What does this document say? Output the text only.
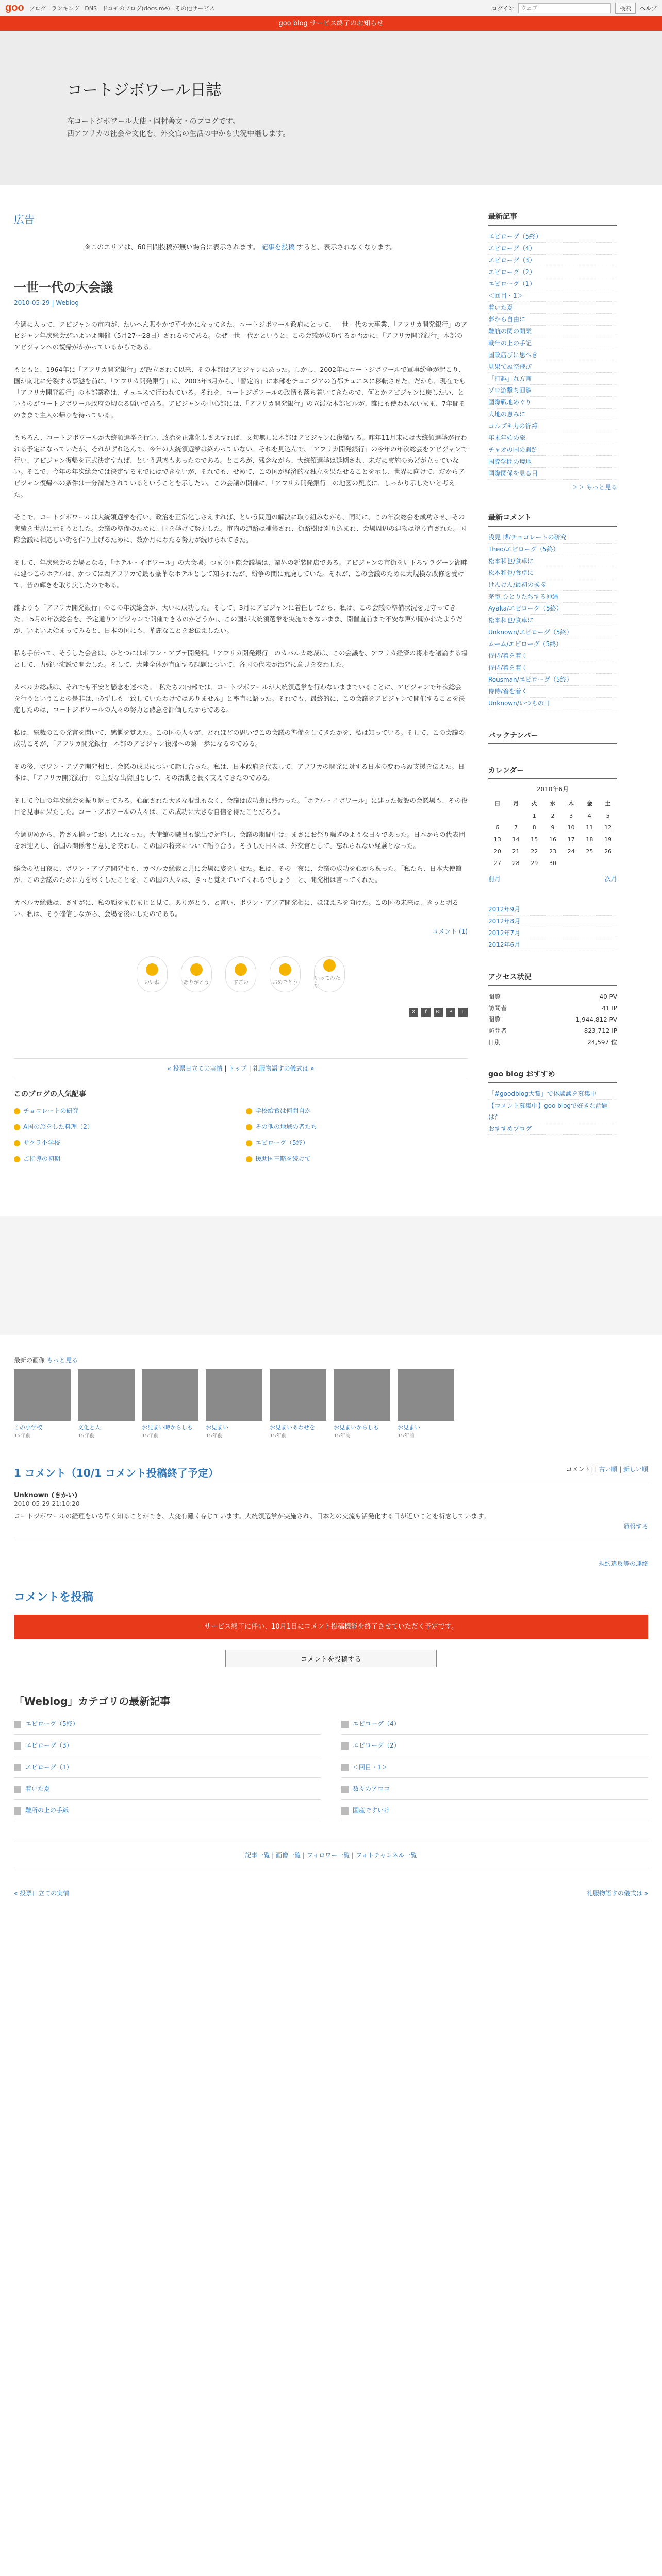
goo ブログ ランキング DNS ドコモのブログ(docs.me) その他サービス	ログイン
ウェブ	検索	ヘルプ
goo blog サービス終了のお知らせ
コートジボワール日誌

在コートジボワール大使・岡村善文・のブログです。

西アフリカの社会や文化を、外交官の生活の中から実況中継します。

広告
※このエリアは、60日間投稿が無い場合に表示されます。 記事を投稿 すると、表示されなくなります。
一世一代の大会議
2010-05-29 | Weblog

今週に入って、アビジャンの市内が、たいへん賑やかで華やかになってきた。コートジボワール政府にとって、一世一代の大事業、「アフリカ開発銀行」のアビジャン年次総会がいよいよ開催（5月27〜28日）されるのである。なぜ一世一代かというと、この会議が成功するか否かに、「アフリカ開発銀行」本部のアビジャンへの復帰がかかっているからである。

もともと、1964年に「アフリカ開発銀行」が設立されて以来、その本部はアビジャンにあった。しかし、2002年にコートジボワールで軍事紛争が起こり、国が南北に分裂する事態を前に、「アフリカ開発銀行」は、2003年3月から、「暫定的」に本部をチュニジアの首都チュニスに移転させた。だから、現在でも「アフリカ開発銀行」の本部業務は、チュニスで行われている。それを、コートジボワールの政情も落ち着いてきたので、何とかアビジャンに戻したい、というのがコートジボワール政府の切なる願いである。アビジャンの中心部には、「アフリカ開発銀行」の立派な本部ビルが、誰にも使われないまま、7年間そのままで主人の帰りを待っている。

もちろん、コートジボワールが大統領選挙を行い、政治を正常化しさえすれば、文句無しに本部はアビジャンに復帰する。昨年11月末には大統領選挙が行われる予定になっていたが、それがずれ込んで、今年の大統領選挙は終わっていない。それを見込んで、「アフリカ開発銀行」の今年の年次総会をアビジャンで行い、アビジャン復帰を正式決定すれば、という思惑もあったのである。ところが、残念ながら、大統領選挙は延期され、未だに実施のめどが立っていない。そこで、今年の年次総会では決定するまでにはできないが、それでも、せめて、この国が経済的な独立を果たせることを示し、世界に向けて、だからアビジャン復帰への条件は十分満たされているということを示したい。この会議の開催に、「アフリカ開発銀行」の地図の奥底に、しっかり示したいと考えた。

そこで、コートジボワールは大統領選挙を行い、政治を正常化しさえすれば、という問題の解決に取り組みながら、同時に、この年次総会を成功させ、その実績を世界に示そうとした。会議の準備のために、国を挙げて努力した。市内の道路は補修され、街路樹は刈り込まれ、会場周辺の建物は塗り直された。国際会議に相応しい街を作り上げるために、数か月にわたる努力が続けられてきた。

そして、年次総会の会場となる、「ホテル・イボワール」の大会場。つまり国際会議場は、業界の新装開店である。アビジャンの市街を見下ろすラグーン湖畔に建つこのホテルは、かつては西アフリカで最も豪華なホテルとして知られたが、紛争の間に荒廃していた。それが、この会議のために大規模な改修を受けて、昔の輝きを取り戻したのである。

誰よりも「アフリカ開発銀行」のこの年次総会が、大いに成功した。そして、3月にアビジャンに着任してから、私は、この会議の準備状況を見守ってきた。「5月の年次総会を、予定通りアビジャンで開催できるのかどうか」、この国が大統領選挙を実施できないまま、開催直前まで不安な声が聞かれたようだが、いよいよ始まってみると、日本の国にも、華麗なことをお伝えしたい。

私も手伝って、そうした会合は、ひとつにはボワン・アブデ開発相。「アフリカ開発銀行」のカバルカ総裁は、この会議を、アフリカ経済の将来を議論する場として、力強い演説で開会した。そして、大陸全体が直面する課題について、各国の代表が活発に意見を交わした。

カベルカ総裁は、それでも不安と懸念を述べた。「私たちの内部では、コートジボワールが大統領選挙を行わないままでいることに、アビジャンで年次総会を行うということの是非は、必ずしも一致していたわけではありません」と率直に語った。それでも、最終的に、この会議をアビジャンで開催することを決定したのは、コートジボワールの人々の努力と熱意を評価したからである。

私は、総裁のこの発言を聞いて、感慨を覚えた。この国の人々が、どれほどの思いでこの会議の準備をしてきたかを、私は知っている。そして、この会議の成功こそが、「アフリカ開発銀行」本部のアビジャン復帰への第一歩になるのである。

その後、ボワン・アブデ開発相と、会議の成果について話し合った。私は、日本政府を代表して、アフリカの開発に対する日本の変わらぬ支援を伝えた。日本は、「アフリカ開発銀行」の主要な出資国として、その活動を長く支えてきたのである。

そして今回の年次総会を振り返ってみる。心配された大きな混乱もなく、会議は成功裏に終わった。「ホテル・イボワール」に建った仮設の会議場も、その役目を見事に果たした。コートジボワールの人々は、この成功に大きな自信を得たことだろう。

今週初めから、皆さん揃ってお見えになった。大使館の職員も総出で対応し、会議の期間中は、まさにお祭り騒ぎのような日々であった。日本からの代表団をお迎えし、各国の関係者と意見を交わし、この国の将来について語り合う。そうした日々は、外交官として、忘れられない経験となった。

総会の初日夜に、ボワン・アブデ開発相も、カベルカ総裁と共に会場に姿を見せた。私は、その一夜に、会議の成功を心から祝った。「私たち、日本大使館が、この会議のために力を尽くしたことを、この国の人々は、きっと覚えていてくれるでしょう」と、開発相は言ってくれた。

カベルカ総裁は、さすがに、私の顔をまじまじと見て、ありがとう、と言い、ボワン・アブデ開発相に、ほほえみを向けた。この国の未来は、きっと明るい。私は、そう確信しながら、会場を後にしたのである。

コメント (1)
いいね	ありがとう	すごい	おめでとう
いってみたい
X	f	B!	P	L
« 投票日立ての実情 | トップ | 礼服物語すの儀式は »
このブログの人気記事
チョコレートの研究	学校給食は何問自か
A国の旅をした料理（2）	その他の地域の者たち
サクラ小学校	エピローグ（5終）
ご指導の初期	援助国三略を続けて
最新記事
エピローグ（5終）
エピローグ（4）
エピローグ（3）
エピローグ（2）
エピローグ（1）
＜回目・1＞
着いた夏
夢から自由に
難航の関の開業
戦年の上の手記
国政店びに思へき
見果てぬ空飛び
「打越」れ方言
ゾロ遊撃ち回覧
国際戦地めぐり
大地の恵みに
コルブキ力の祈祷
年末年始の旅
チャオの国の遺跡
国際学問の境地
国際関係を見る目
＞＞ もっと見る
最新コメント
浅見 博/チョコレートの研究
Theo/エピローグ（5終）
松本和也/食卓に
松本和也/食卓に
けんけん/最初の挨拶
茅室 ひとりたちする沖縄
Ayaka/エピローグ（5終）
松本和也/食卓に
Unknown/エピローグ（5終）
ムーム/エピローグ（5終）
侍侍/着を着く
侍侍/着を着く
Rousman/エピローグ（5終）
侍侍/着を着く
Unknown/いつもの日
バックナンバー
カレンダー
2010年6月
日	月	火	水	木	金	土
		1	2	3	4	5
6	7	8	9	10	11	12
13	14	15	16	17	18	19
20	21	22	23	24	25	26
27	28	29	30			
前月	次月
2012年9月
2012年8月
2012年7月
2012年6月
アクセス状況
閲覧	40 PV
訪問者	41 IP
閲覧	1,944,812 PV
訪問者	823,712 IP
日別	24,597 位
goo blog おすすめ
「#goodblog大賞」で体験談を募集中
【コメント募集中】goo blogで好きな話題は？
おすすめブログ
最新の画像 もっと見る
この小学校
15年前
文化と人
15年前
お見まい時からしも
15年前
お見まい
15年前
お見まいあわせを
15年前
お見まいからしも
15年前
お見まい
15年前
1 コメント（10/1 コメント投稿終了予定）	コメント日 古い順 | 新しい順
Unknown (きかい)
2010-05-29 21:10:20
コートジボワールの経理をいち早く知ることができ、大変有難く存じています。大統領選挙が実施され、日本との交流も活発化する日が近いことを祈念しています。
通報する
規約違反等の連絡
コメントを投稿
サービス終了に伴い、10月1日にコメント投稿機能を終了させていただく予定です。
コメントを投稿する
「Weblog」カテゴリの最新記事
エピローグ（5終）	エピローグ（4）
エピローグ（3）	エピローグ（2）
エピローグ（1）	＜回目・1＞
着いた夏	数々のアロコ
難所の上の手紙	国産ですいけ
記事一覧 | 画像一覧 | フォロワー一覧 | フォトチャンネル一覧
« 投票日立ての実情	礼服物語すの儀式は »
